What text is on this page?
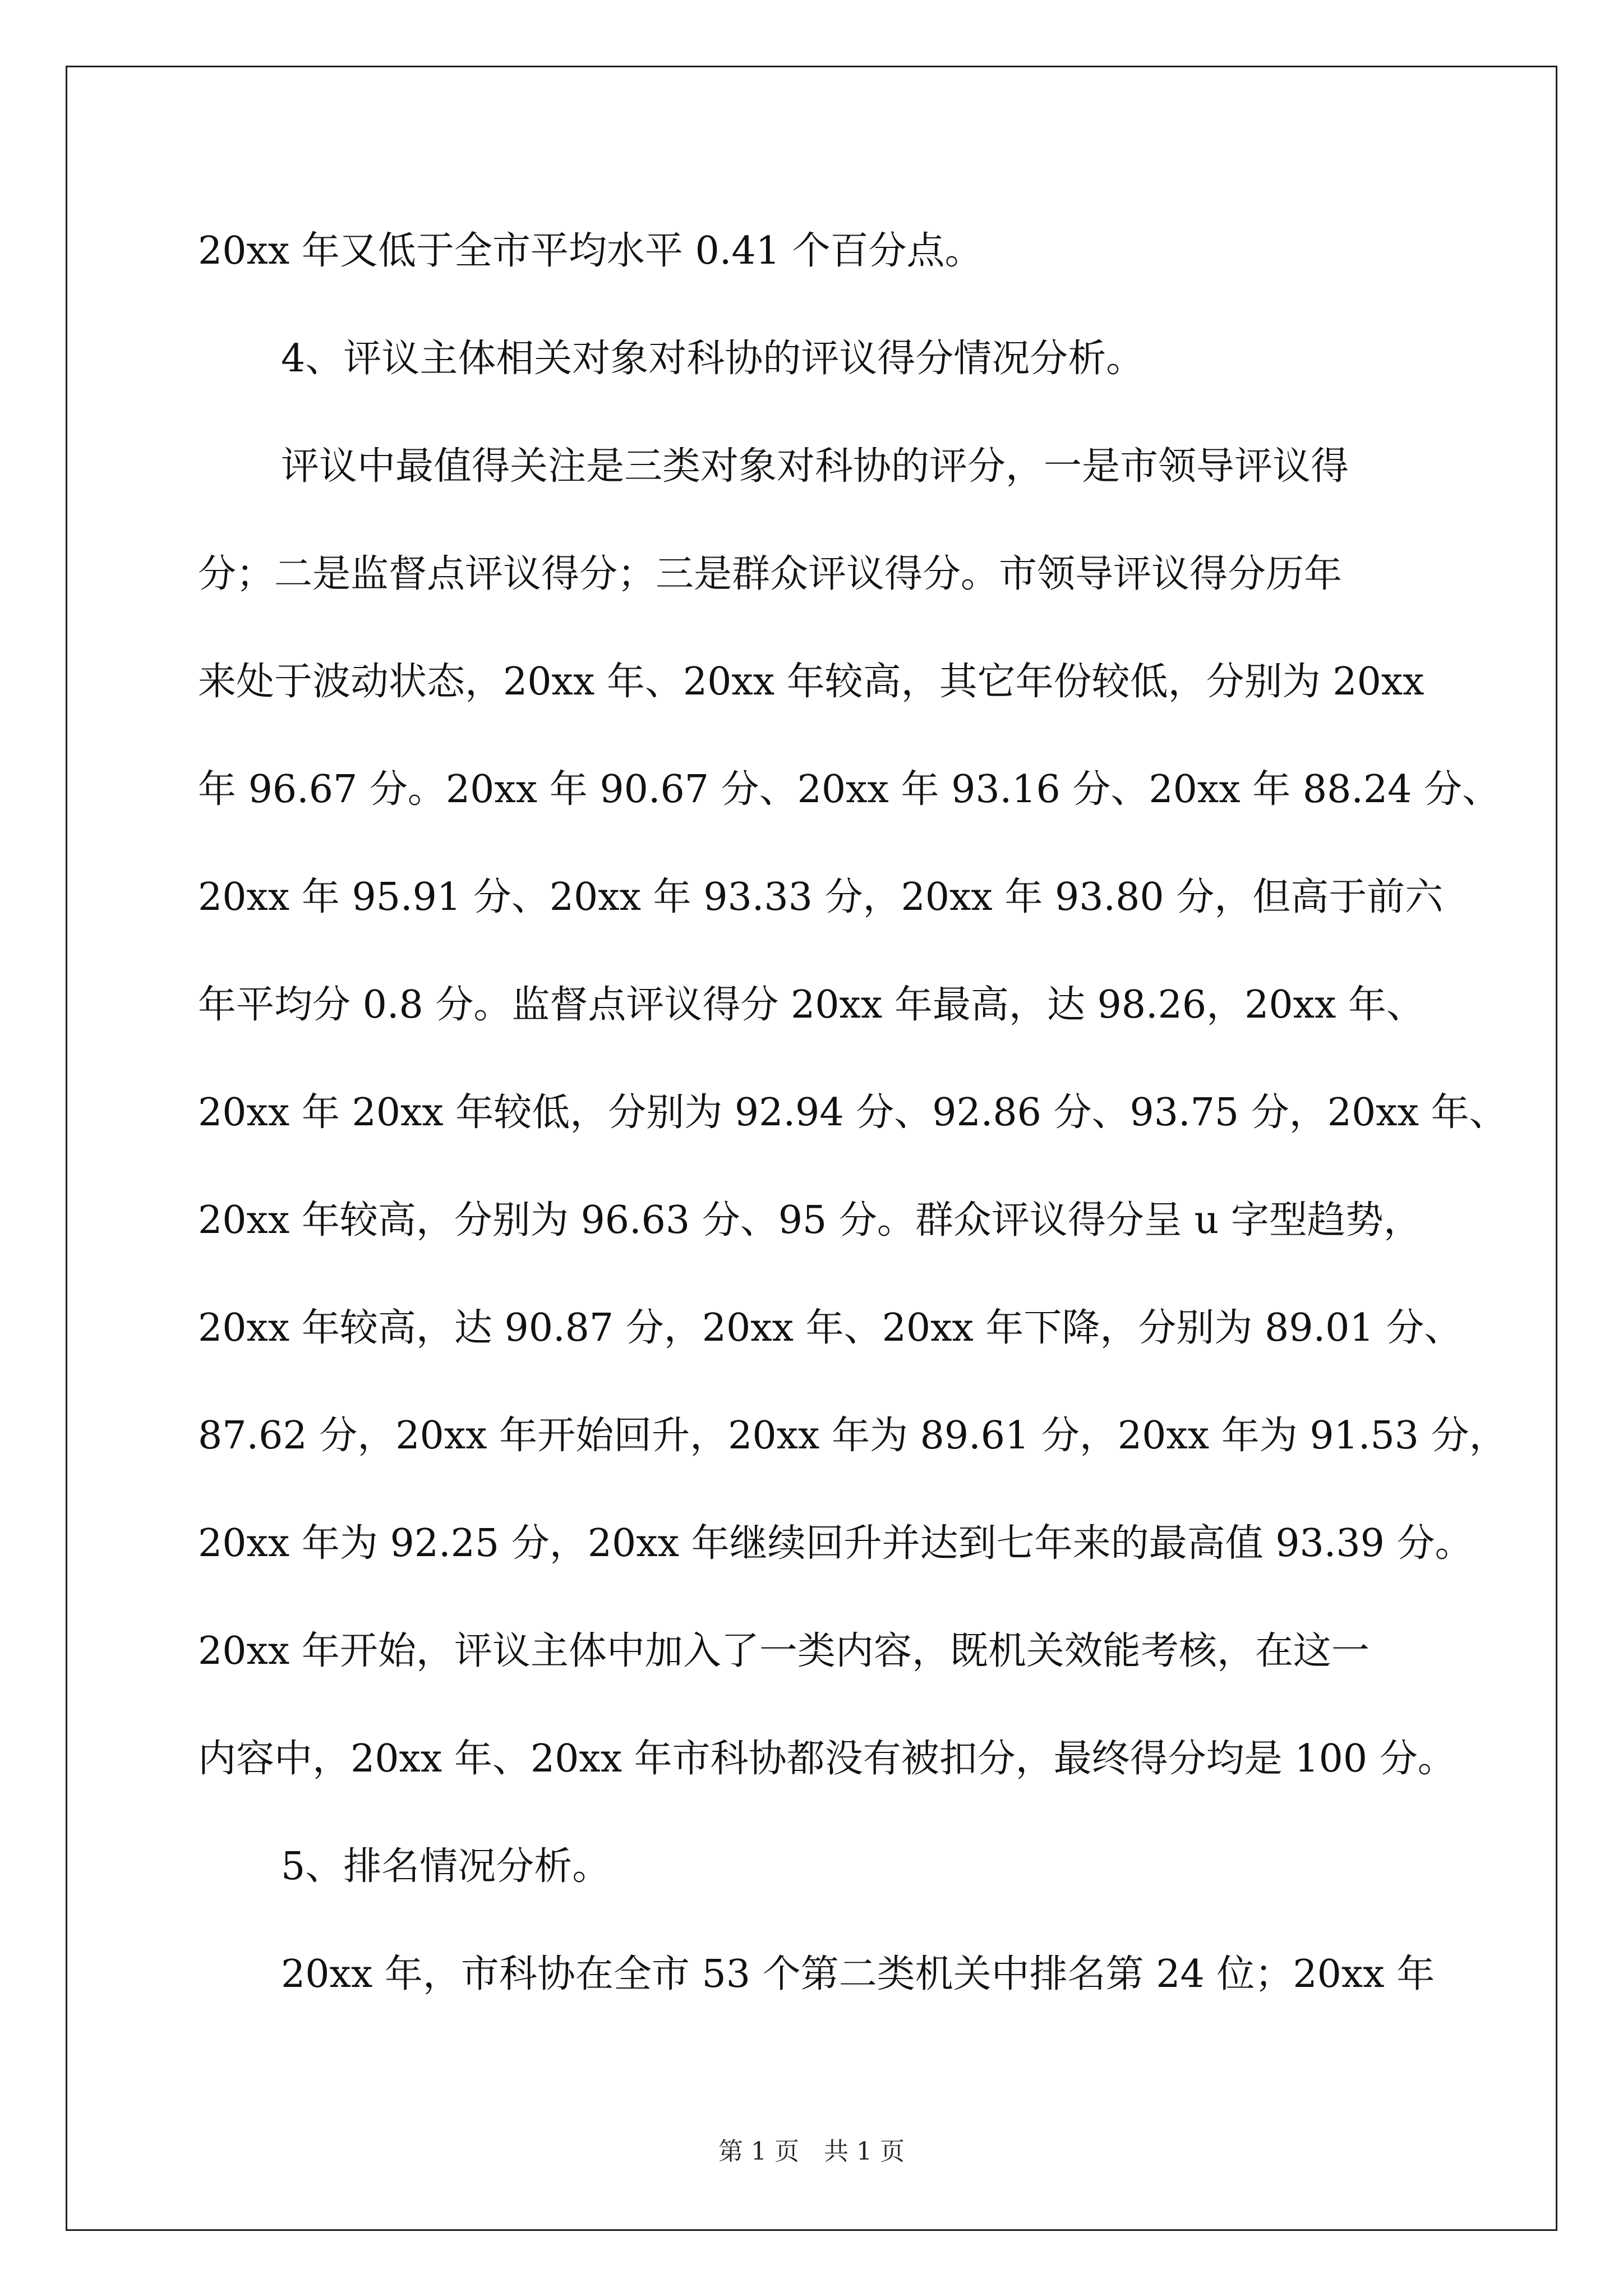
20xx 年又低于全市平均水平 0.41 个百分点。
4、评议主体相关对象对科协的评议得分情况分析。
评议中最值得关注是三类对象对科协的评分，一是市领导评议得
分；二是监督点评议得分；三是群众评议得分。市领导评议得分历年
来处于波动状态，20xx 年、20xx 年较高，其它年份较低，分别为 20xx
年 96.67 分。20xx 年 90.67 分、20xx 年 93.16 分、20xx 年 88.24 分、
20xx 年 95.91 分、20xx 年 93.33 分，20xx 年 93.80 分，但高于前六
年平均分 0.8 分。监督点评议得分 20xx 年最高，达 98.26，20xx 年、
20xx 年 20xx 年较低，分别为 92.94 分、92.86 分、93.75 分，20xx 年、
20xx 年较高，分别为 96.63 分、95 分。群众评议得分呈 u 字型趋势，
20xx 年较高，达 90.87 分，20xx 年、20xx 年下降，分别为 89.01 分、
87.62 分，20xx 年开始回升，20xx 年为 89.61 分，20xx 年为 91.53 分，
20xx 年为 92.25 分，20xx 年继续回升并达到七年来的最高值 93.39 分。
20xx 年开始，评议主体中加入了一类内容，既机关效能考核，在这一
内容中，20xx 年、20xx 年市科协都没有被扣分，最终得分均是 100 分。
5、排名情况分析。
20xx 年，市科协在全市 53 个第二类机关中排名第 24 位；20xx 年
第 1 页 共 1 页
